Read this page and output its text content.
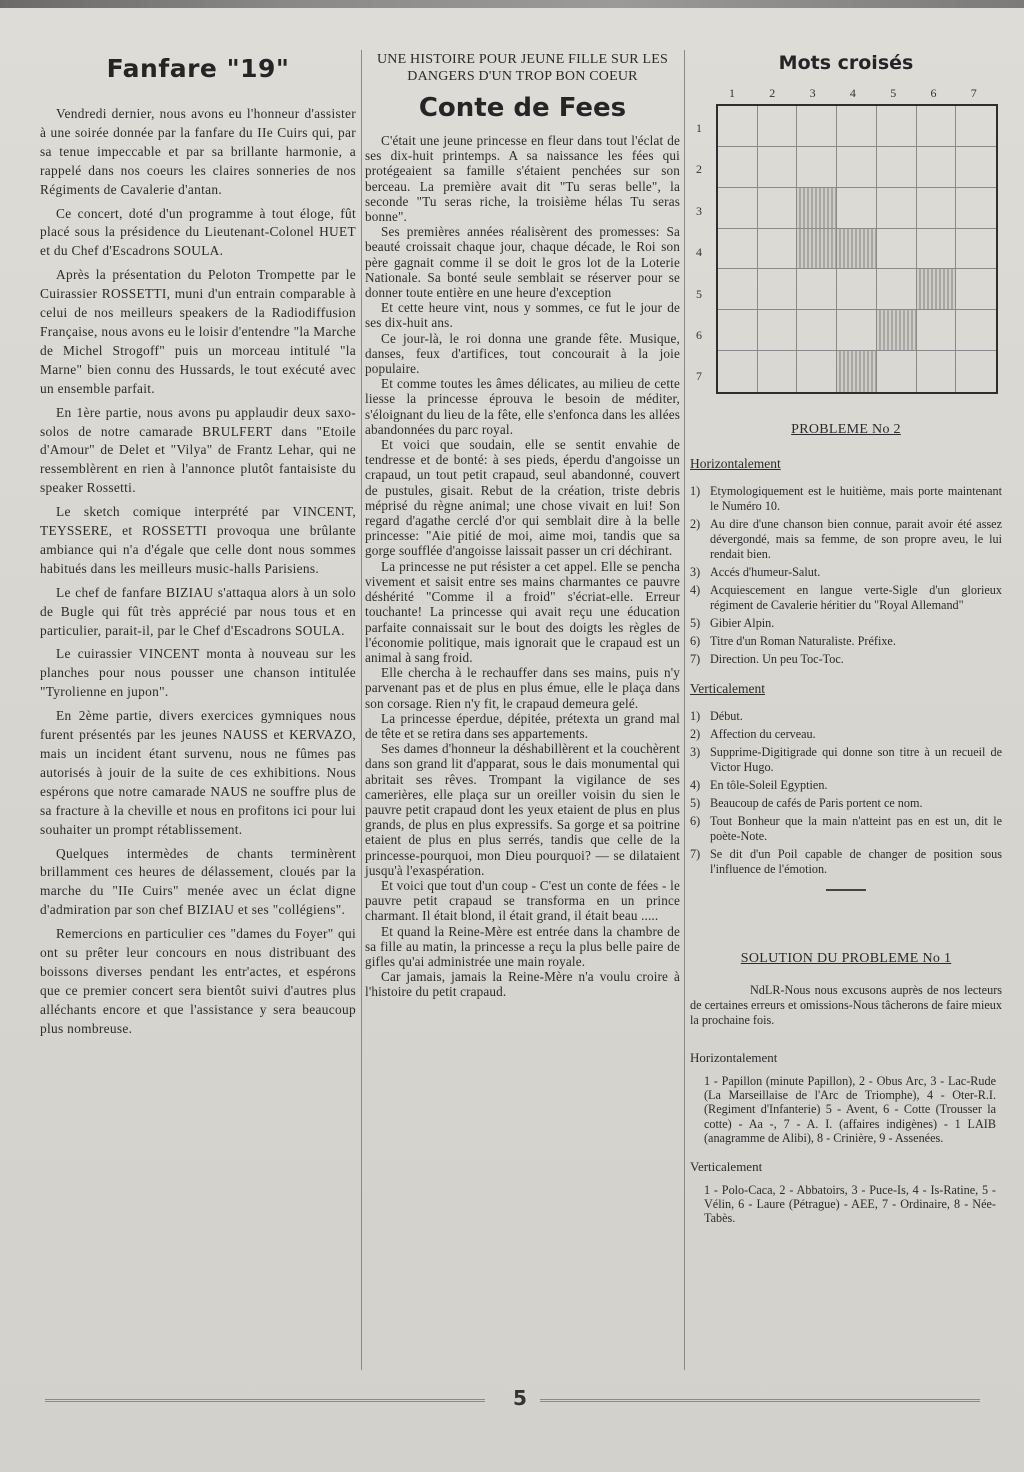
Fanfare "19"

Vendredi dernier, nous avons eu l'honneur d'assister à une soirée donnée par la fanfare du IIe Cuirs qui, par sa tenue impeccable et par sa brillante harmonie, a rappelé dans nos coeurs les claires sonneries de nos Régiments de Cavalerie d'antan.

Ce concert, doté d'un programme à tout éloge, fût placé sous la présidence du Lieutenant-Colonel HUET et du Chef d'Escadrons SOULA.

Après la présentation du Peloton Trompette par le Cuirassier ROSSETTI, muni d'un entrain comparable à celui de nos meilleurs speakers de la Radiodiffusion Française, nous avons eu le loisir d'entendre "la Marche de Michel Strogoff" puis un morceau intitulé "la Marne" bien connu des Hussards, le tout exécuté avec un ensemble parfait.

En 1ère partie, nous avons pu applaudir deux saxo-solos de notre camarade BRULFERT dans "Etoile d'Amour" de Delet et "Vilya" de Frantz Lehar, qui ne ressemblèrent en rien à l'annonce plutôt fantaisiste du speaker Rossetti.

Le sketch comique interprété par VINCENT, TEYSSERE, et ROSSETTI provoqua une brûlante ambiance qui n'a d'égale que celle dont nous sommes habitués dans les meilleurs music-halls Parisiens.

Le chef de fanfare BIZIAU s'attaqua alors à un solo de Bugle qui fût très apprécié par nous tous et en particulier, parait-il, par le Chef d'Escadrons SOULA.

Le cuirassier VINCENT monta à nouveau sur les planches pour nous pousser une chanson intitulée "Tyrolienne en jupon".

En 2ème partie, divers exercices gymniques nous furent présentés par les jeunes NAUSS et KERVAZO, mais un incident étant survenu, nous ne fûmes pas autorisés à jouir de la suite de ces exhibitions. Nous espérons que notre camarade NAUS ne souffre plus de sa fracture à la cheville et nous en profitons ici pour lui souhaiter un prompt rétablissement.

Quelques intermèdes de chants terminèrent brillamment ces heures de délassement, cloués par la marche du "IIe Cuirs" menée avec un éclat digne d'admiration par son chef BIZIAU et ses "collégiens".

Remercions en particulier ces "dames du Foyer" qui ont su prêter leur concours en nous distribuant des boissons diverses pendant les entr'actes, et espérons que ce premier concert sera bientôt suivi d'autres plus alléchants encore et que l'assistance y sera beaucoup plus nombreuse.

UNE HISTOIRE POUR JEUNE FILLE SUR LES DANGERS D'UN TROP BON COEUR
Conte de Fees

C'était une jeune princesse en fleur dans tout l'éclat de ses dix-huit printemps. A sa naissance les fées qui protégeaient sa famille s'étaient penchées sur son berceau. La première avait dit "Tu seras belle", la seconde "Tu seras riche, la troisième hélas Tu seras bonne".

Ses premières années réalisèrent des promesses: Sa beauté croissait chaque jour, chaque décade, le Roi son père gagnait comme il se doit le gros lot de la Loterie Nationale. Sa bonté seule semblait se réserver pour se donner toute entière en une heure d'exception

Et cette heure vint, nous y sommes, ce fut le jour de ses dix-huit ans.

Ce jour-là, le roi donna une grande fête. Musique, danses, feux d'artifices, tout concourait à la joie populaire.

Et comme toutes les âmes délicates, au milieu de cette liesse la princesse éprouva le besoin de méditer, s'éloignant du lieu de la fête, elle s'enfonca dans les allées abandonnées du parc royal.

Et voici que soudain, elle se sentit envahie de tendresse et de bonté: à ses pieds, éperdu d'angoisse un crapaud, un tout petit crapaud, seul abandonné, couvert de pustules, gisait. Rebut de la création, triste debris méprisé du règne animal; une chose vivait en lui! Son regard d'agathe cerclé d'or qui semblait dire à la belle princesse: "Aie pitié de moi, aime moi, tandis que sa gorge soufflée d'angoisse laissait passer un cri déchirant.

La princesse ne put résister a cet appel. Elle se pencha vivement et saisit entre ses mains charmantes ce pauvre déshérité "Comme il a froid" s'écriat-elle. Erreur touchante! La princesse qui avait reçu une éducation parfaite connaissait sur le bout des doigts les règles de l'économie politique, mais ignorait que le crapaud est un animal à sang froid.

Elle chercha à le rechauffer dans ses mains, puis n'y parvenant pas et de plus en plus émue, elle le plaça dans son corsage. Rien n'y fit, le crapaud demeura gelé.

La princesse éperdue, dépitée, prétexta un grand mal de tête et se retira dans ses appartements.

Ses dames d'honneur la déshabillèrent et la couchèrent dans son grand lit d'apparat, sous le dais monumental qui abritait ses rêves. Trompant la vigilance de ses camerières, elle plaça sur un oreiller voisin du sien le pauvre petit crapaud dont les yeux etaient de plus en plus grands, de plus en plus expressifs. Sa gorge et sa poitrine etaient de plus en plus serrés, tandis que celle de la princesse-pourquoi, mon Dieu pourquoi? — se dilataient jusqu'à l'exaspération.

Et voici que tout d'un coup - C'est un conte de fées - le pauvre petit crapaud se transforma en un prince charmant. Il était blond, il était grand, il était beau .....

Et quand la Reine-Mère est entrée dans la chambre de sa fille au matin, la princesse a reçu la plus belle paire de gifles qu'ai administrée une main royale.

Car jamais, jamais la Reine-Mère n'a voulu croire à l'histoire du petit crapaud.

Mots croisés
1	2	3	4	5	6	7
1
2
3
4
5
6
7
PROBLEME No 2
Horizontalement
1) Etymologiquement est le huitième, mais porte maintenant le Numéro 10.
2) Au dire d'une chanson bien connue, parait avoir été assez dévergondé, mais sa femme, de son propre aveu, le lui rendait bien.
3) Accés d'humeur-Salut.
4) Acquiescement en langue verte-Sigle d'un glorieux régiment de Cavalerie héritier du "Royal Allemand"
5) Gibier Alpin.
6) Titre d'un Roman Naturaliste. Préfixe.
7) Direction. Un peu Toc-Toc.
Verticalement
1) Début.
2) Affection du cerveau.
3) Supprime-Digitigrade qui donne son titre à un recueil de Victor Hugo.
4) En tôle-Soleil Egyptien.
5) Beaucoup de cafés de Paris portent ce nom.
6) Tout Bonheur que la main n'atteint pas en est un, dit le poète-Note.
7) Se dit d'un Poil capable de changer de position sous l'influence de l'émotion.
SOLUTION DU PROBLEME No 1

NdLR-Nous nous excusons auprès de nos lecteurs de certaines erreurs et omissions-Nous tâcherons de faire mieux la prochaine fois.

Horizontalement

1 - Papillon (minute Papillon), 2 - Obus Arc, 3 - Lac-Rude (La Marseillaise de l'Arc de Triomphe), 4 - Oter-R.I. (Regiment d'Infanterie) 5 - Avent, 6 - Cotte (Trousser la cotte) - Aa -, 7 - A. I. (affaires indigènes) - 1 LAIB (anagramme de Alibi), 8 - Crinière, 9 - Assenées.

Verticalement

1 - Polo-Caca, 2 - Abbatoirs, 3 - Puce-Is, 4 - Is-Ratine, 5 - Vélin, 6 - Laure (Pétrague) - AEE, 7 - Ordinaire, 8 - Née-Tabès.

5
